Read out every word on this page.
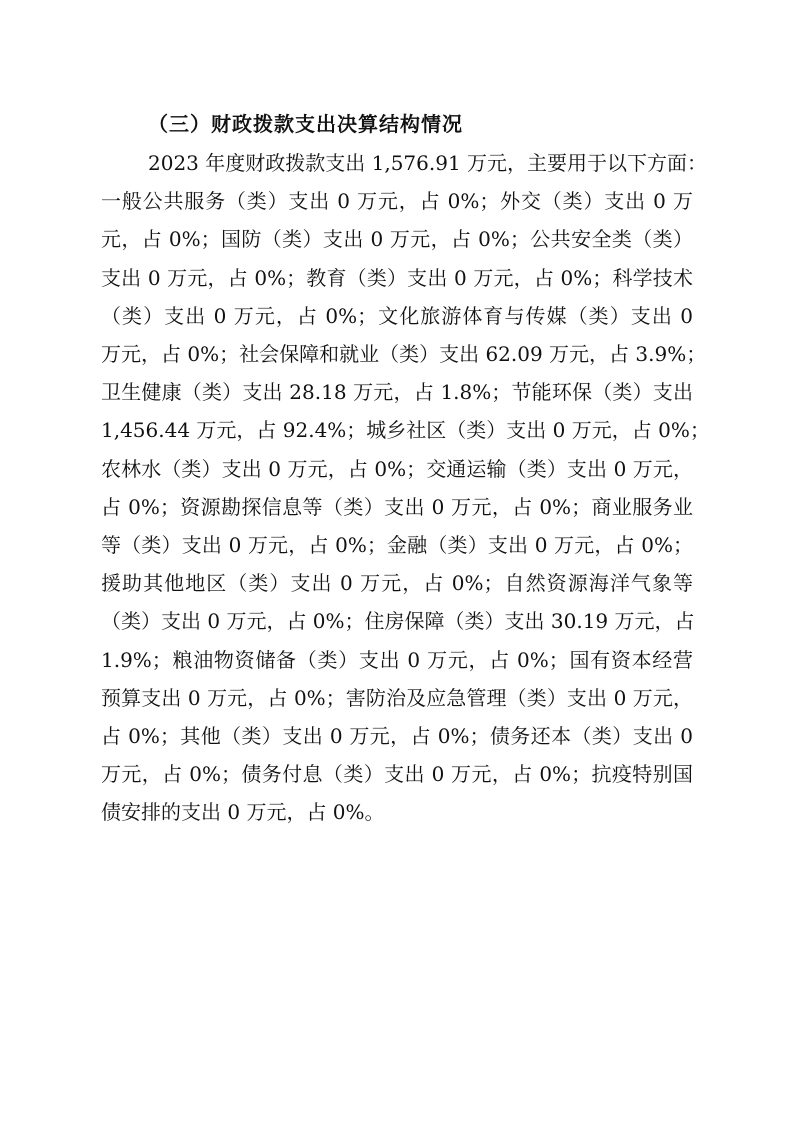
（三）财政拨款支出决算结构情况
2023 年度财政拨款支出 1,576.91 万元，主要用于以下方面：
一般公共服务（类）支出 0 万元，占 0%；外交（类）支出 0 万
元，占 0%；国防（类）支出 0 万元，占 0%；公共安全类（类）
支出 0 万元，占 0%；教育（类）支出 0 万元，占 0%；科学技术
（类）支出 0 万元，占 0%；文化旅游体育与传媒（类）支出 0
万元，占 0%；社会保障和就业（类）支出 62.09 万元，占 3.9%；
卫生健康（类）支出 28.18 万元，占 1.8%；节能环保（类）支出
1,456.44 万元，占 92.4%；城乡社区（类）支出 0 万元，占 0%；
农林水（类）支出 0 万元，占 0%；交通运输（类）支出 0 万元，
占 0%；资源勘探信息等（类）支出 0 万元，占 0%；商业服务业
等（类）支出 0 万元，占 0%；金融（类）支出 0 万元，占 0%；
援助其他地区（类）支出 0 万元，占 0%；自然资源海洋气象等
（类）支出 0 万元，占 0%；住房保障（类）支出 30.19 万元，占
1.9%；粮油物资储备（类）支出 0 万元，占 0%；国有资本经营
预算支出 0 万元，占 0%；害防治及应急管理（类）支出 0 万元，
占 0%；其他（类）支出 0 万元，占 0%；债务还本（类）支出 0
万元，占 0%；债务付息（类）支出 0 万元，占 0%；抗疫特别国
债安排的支出 0 万元，占 0%。
